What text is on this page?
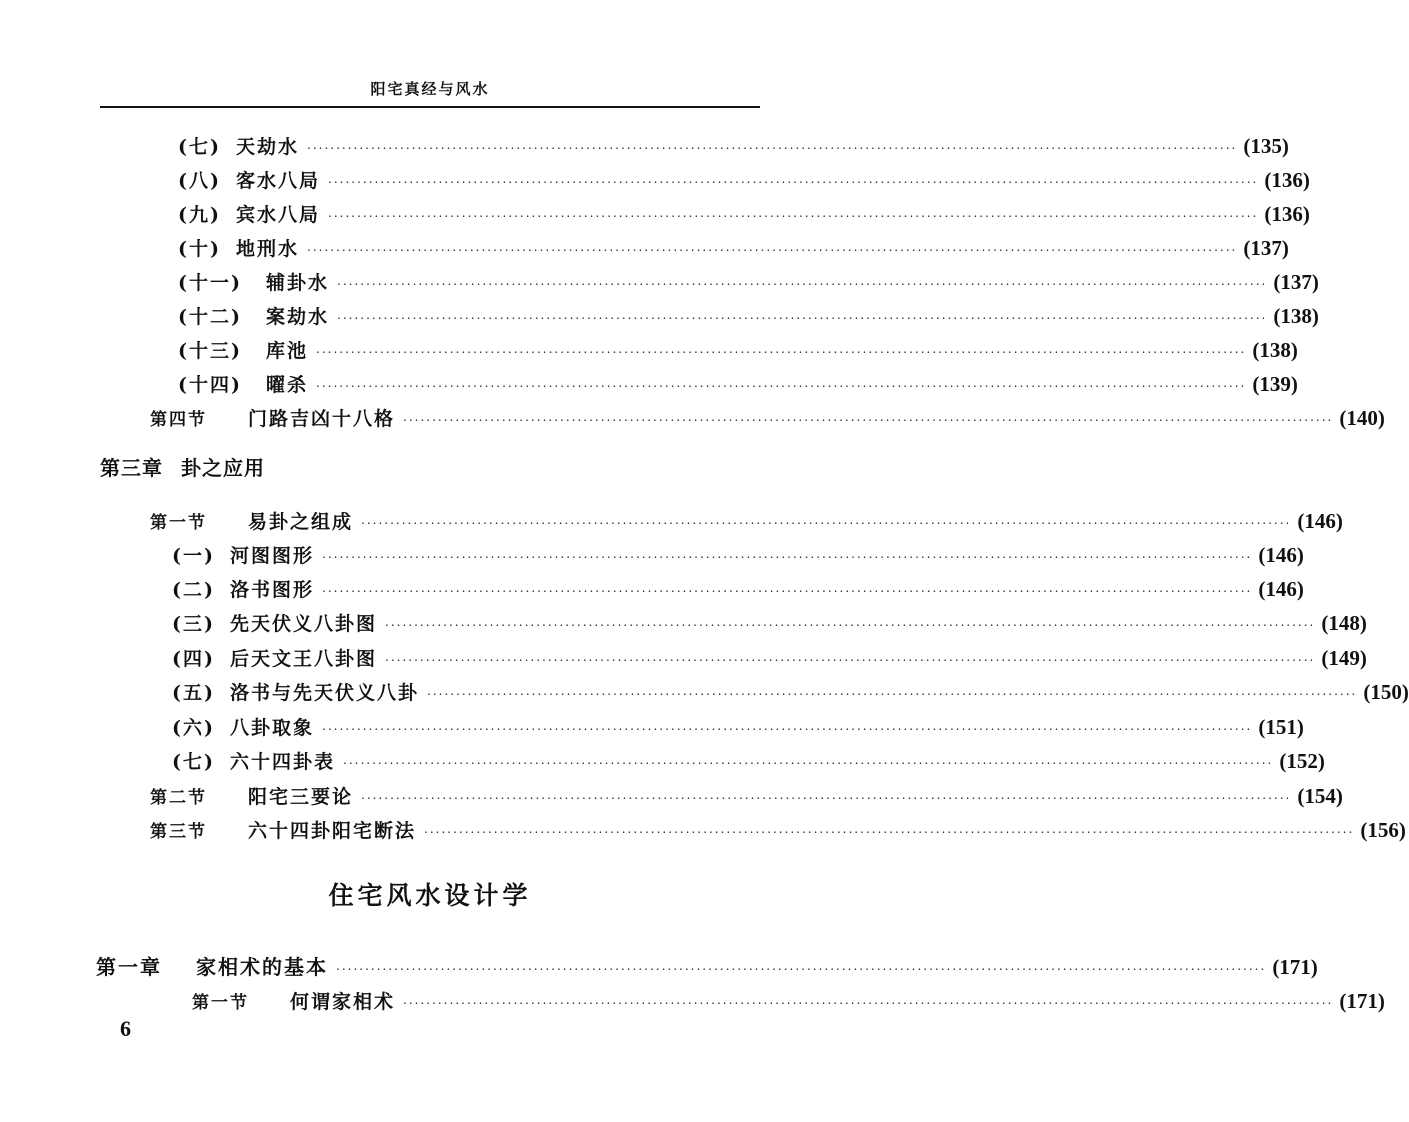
阳宅真经与风水
(七) 天劫水 ................................................................................................................................................................ (135)
(八) 客水八局 ................................................................................................................................................................ (136)
(九) 宾水八局 ................................................................................................................................................................ (136)
(十) 地刑水 ................................................................................................................................................................ (137)
(十一) 辅卦水 ................................................................................................................................................................ (137)
(十二) 案劫水 ................................................................................................................................................................ (138)
(十三) 库池 ................................................................................................................................................................ (138)
(十四) 曜杀 ................................................................................................................................................................ (139)
第四节 门路吉凶十八格 ................................................................................................................................................................ (140)
第三章 卦之应用
第一节 易卦之组成 ................................................................................................................................................................ (146)
(一) 河图图形 ................................................................................................................................................................ (146)
(二) 洛书图形 ................................................................................................................................................................ (146)
(三) 先天伏义八卦图 ................................................................................................................................................................ (148)
(四) 后天文王八卦图 ................................................................................................................................................................ (149)
(五) 洛书与先天伏义八卦 ................................................................................................................................................................ (150)
(六) 八卦取象 ................................................................................................................................................................ (151)
(七) 六十四卦表 ................................................................................................................................................................ (152)
第二节 阳宅三要论 ................................................................................................................................................................ (154)
第三节 六十四卦阳宅断法 ................................................................................................................................................................ (156)
住宅风水设计学
第一章 家相术的基本 ................................................................................................................................................................ (171)
第一节 何谓家相术 ................................................................................................................................................................ (171)
6
